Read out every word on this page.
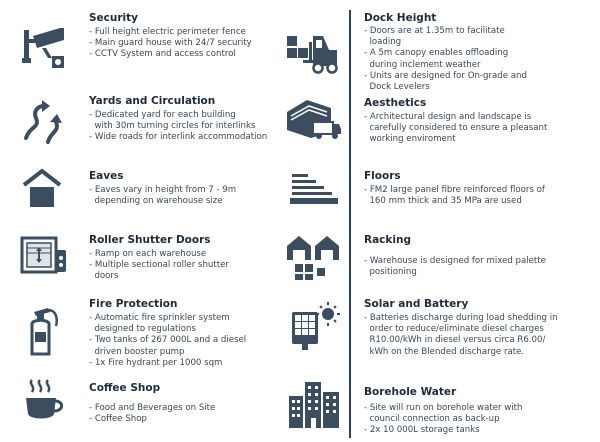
Security
- Full height electric perimeter fence
- Main guard house with 24/7 security
- CCTV System and access control
Yards and Circulation
- Dedicated yard for each building
with 30m turning circles for interlinks
- Wide roads for interlink accommodation
Eaves
- Eaves vary in height from 7 - 9m
depending on warehouse size
Roller Shutter Doors
- Ramp on each warehouse
- Multiple sectional roller shutter
doors
Fire Protection
- Automatic fire sprinkler system
designed to regulations
- Two tanks of 267 000L and a diesel
driven booster pump
- 1x Fire hydrant per 1000 sqm
Coffee Shop
- Food and Beverages on Site
- Coffee Shop
Dock Height
- Doors are at 1.35m to facilitate
loading
- A 5m canopy enables offloading
during inclement weather
- Units are designed for On-grade and
Dock Levelers
Aesthetics
- Architectural design and landscape is
carefully considered to ensure a pleasant
working enviroment
Floors
- FM2 large panel fibre reinforced floors of
160 mm thick and 35 MPa are used
Racking
- Warehouse is designed for mixed palette
positioning
Solar and Battery
- Batteries discharge during load shedding in
order to reduce/eliminate diesel charges
R10.00/kWh in diesel versus circa R6.00/
kWh on the Blended discharge rate.
Borehole Water
- Site will run on borehole water with
council connection as back-up
- 2x 10 000L storage tanks
